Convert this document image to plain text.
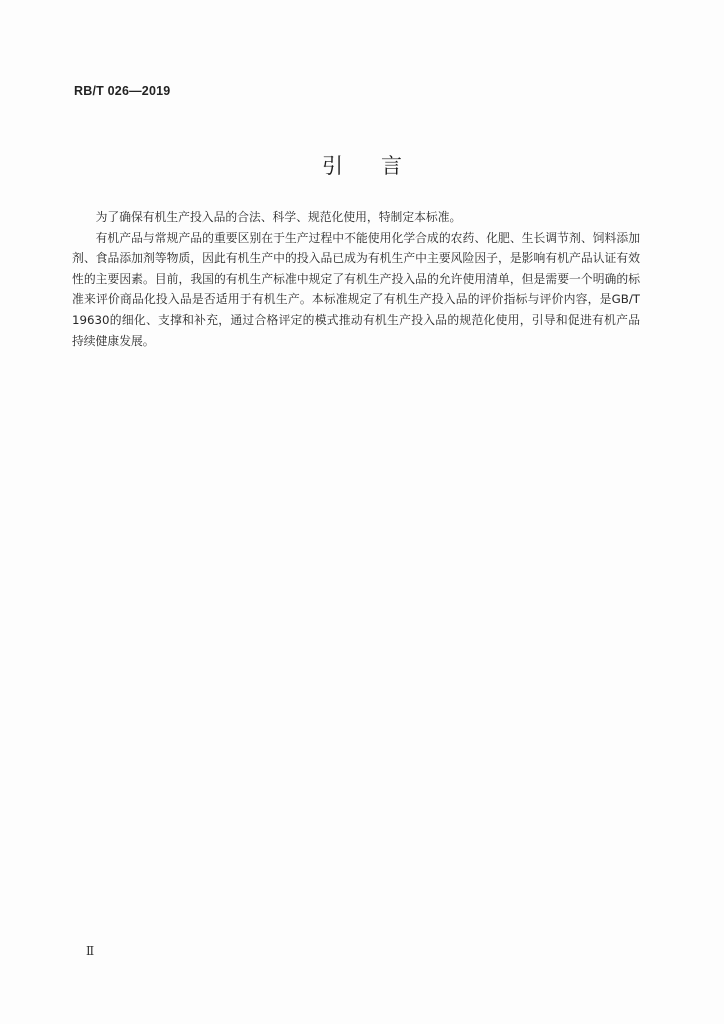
RB/T 026—2019
引言

为了确保有机生产投入品的合法、科学、规范化使用，特制定本标准。

有机产品与常规产品的重要区别在于生产过程中不能使用化学合成的农药、化肥、生长调节剂、饲料添加剂、食品添加剂等物质，因此有机生产中的投入品已成为有机生产中主要风险因子，是影响有机产品认证有效性的主要因素。目前，我国的有机生产标准中规定了有机生产投入品的允许使用清单，但是需要一个明确的标准来评价商品化投入品是否适用于有机生产。本标准规定了有机生产投入品的评价指标与评价内容，是GB/T 19630的细化、支撑和补充，通过合格评定的模式推动有机生产投入品的规范化使用，引导和促进有机产品持续健康发展。

Ⅱ
